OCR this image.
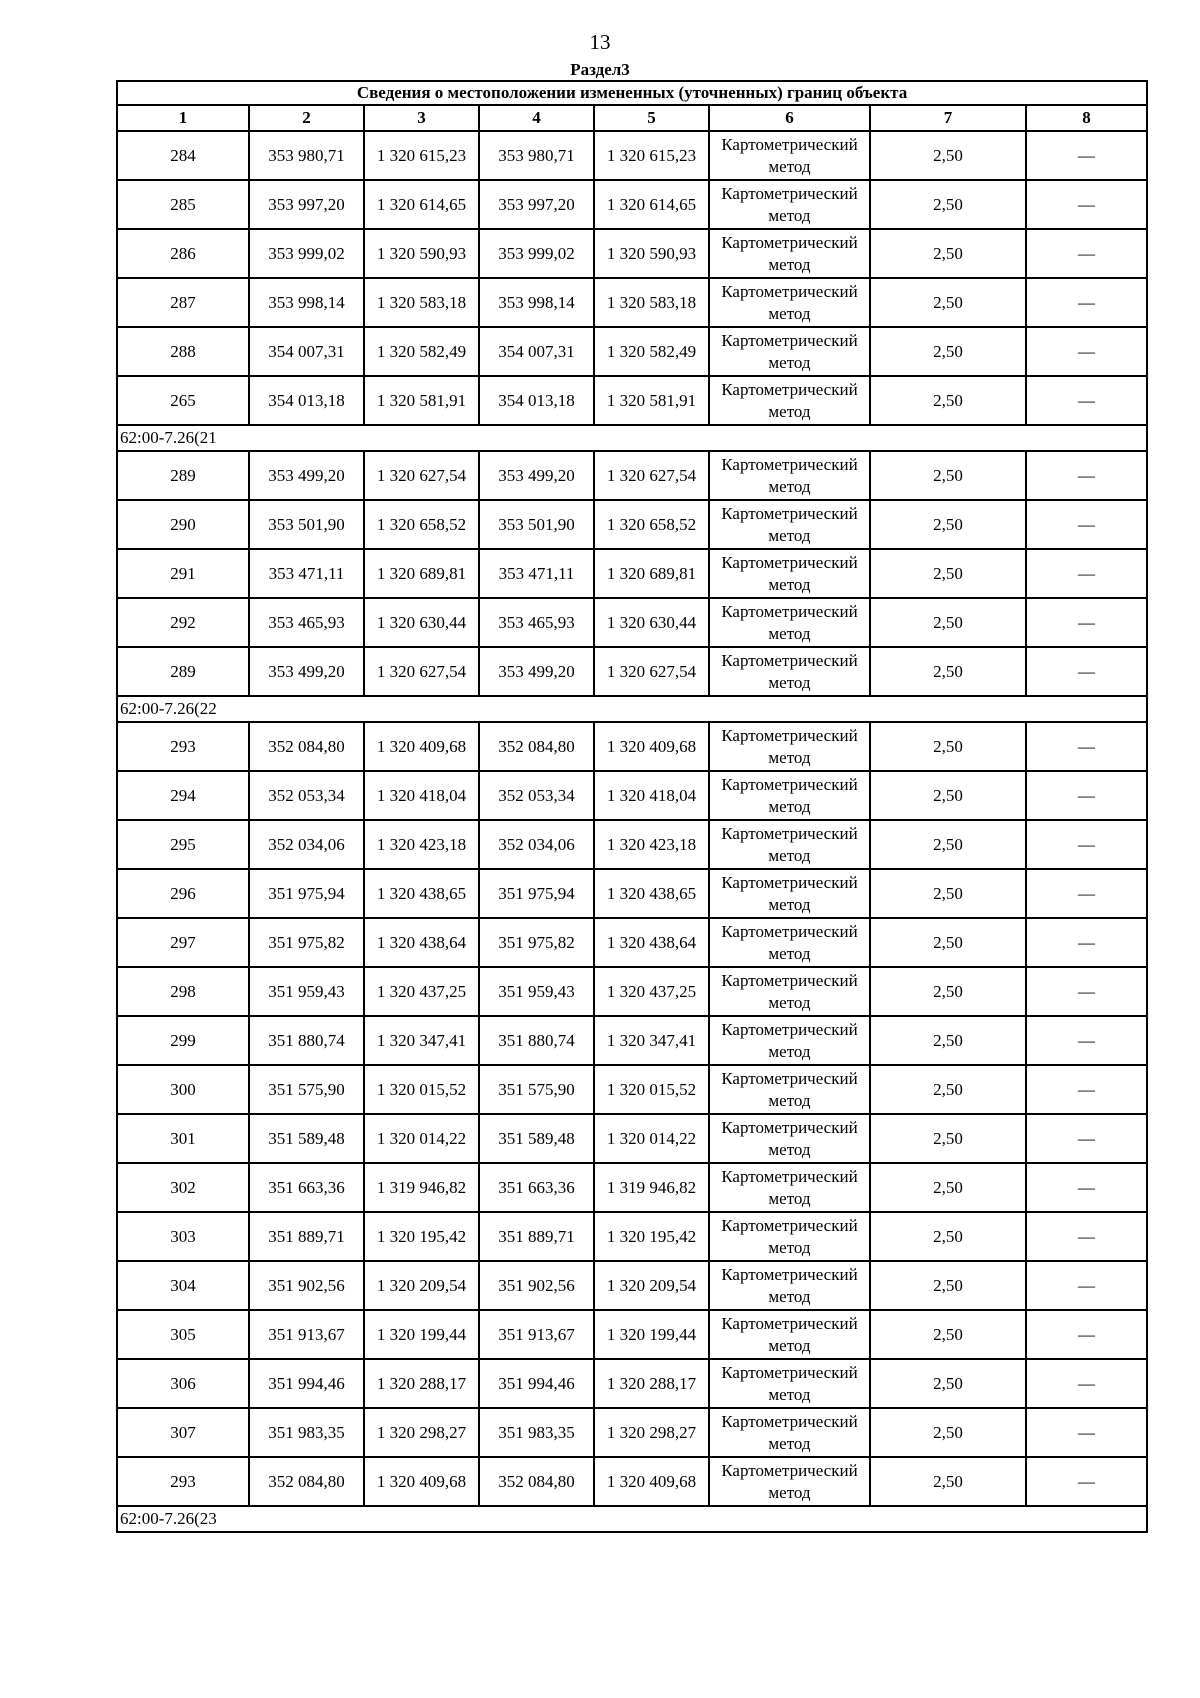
13
Раздел3
Сведения о местоположении измененных (уточненных) границ объекта							
1	2	3	4	5	6	7	8
284	353 980,71	1 320 615,23	353 980,71	1 320 615,23	Картометрический метод	2,50	—
285	353 997,20	1 320 614,65	353 997,20	1 320 614,65	Картометрический метод	2,50	—
286	353 999,02	1 320 590,93	353 999,02	1 320 590,93	Картометрический метод	2,50	—
287	353 998,14	1 320 583,18	353 998,14	1 320 583,18	Картометрический метод	2,50	—
288	354 007,31	1 320 582,49	354 007,31	1 320 582,49	Картометрический метод	2,50	—
265	354 013,18	1 320 581,91	354 013,18	1 320 581,91	Картометрический метод	2,50	—
62:00-7.26(21							
289	353 499,20	1 320 627,54	353 499,20	1 320 627,54	Картометрический метод	2,50	—
290	353 501,90	1 320 658,52	353 501,90	1 320 658,52	Картометрический метод	2,50	—
291	353 471,11	1 320 689,81	353 471,11	1 320 689,81	Картометрический метод	2,50	—
292	353 465,93	1 320 630,44	353 465,93	1 320 630,44	Картометрический метод	2,50	—
289	353 499,20	1 320 627,54	353 499,20	1 320 627,54	Картометрический метод	2,50	—
62:00-7.26(22							
293	352 084,80	1 320 409,68	352 084,80	1 320 409,68	Картометрический метод	2,50	—
294	352 053,34	1 320 418,04	352 053,34	1 320 418,04	Картометрический метод	2,50	—
295	352 034,06	1 320 423,18	352 034,06	1 320 423,18	Картометрический метод	2,50	—
296	351 975,94	1 320 438,65	351 975,94	1 320 438,65	Картометрический метод	2,50	—
297	351 975,82	1 320 438,64	351 975,82	1 320 438,64	Картометрический метод	2,50	—
298	351 959,43	1 320 437,25	351 959,43	1 320 437,25	Картометрический метод	2,50	—
299	351 880,74	1 320 347,41	351 880,74	1 320 347,41	Картометрический метод	2,50	—
300	351 575,90	1 320 015,52	351 575,90	1 320 015,52	Картометрический метод	2,50	—
301	351 589,48	1 320 014,22	351 589,48	1 320 014,22	Картометрический метод	2,50	—
302	351 663,36	1 319 946,82	351 663,36	1 319 946,82	Картометрический метод	2,50	—
303	351 889,71	1 320 195,42	351 889,71	1 320 195,42	Картометрический метод	2,50	—
304	351 902,56	1 320 209,54	351 902,56	1 320 209,54	Картометрический метод	2,50	—
305	351 913,67	1 320 199,44	351 913,67	1 320 199,44	Картометрический метод	2,50	—
306	351 994,46	1 320 288,17	351 994,46	1 320 288,17	Картометрический метод	2,50	—
307	351 983,35	1 320 298,27	351 983,35	1 320 298,27	Картометрический метод	2,50	—
293	352 084,80	1 320 409,68	352 084,80	1 320 409,68	Картометрический метод	2,50	—
62:00-7.26(23							
